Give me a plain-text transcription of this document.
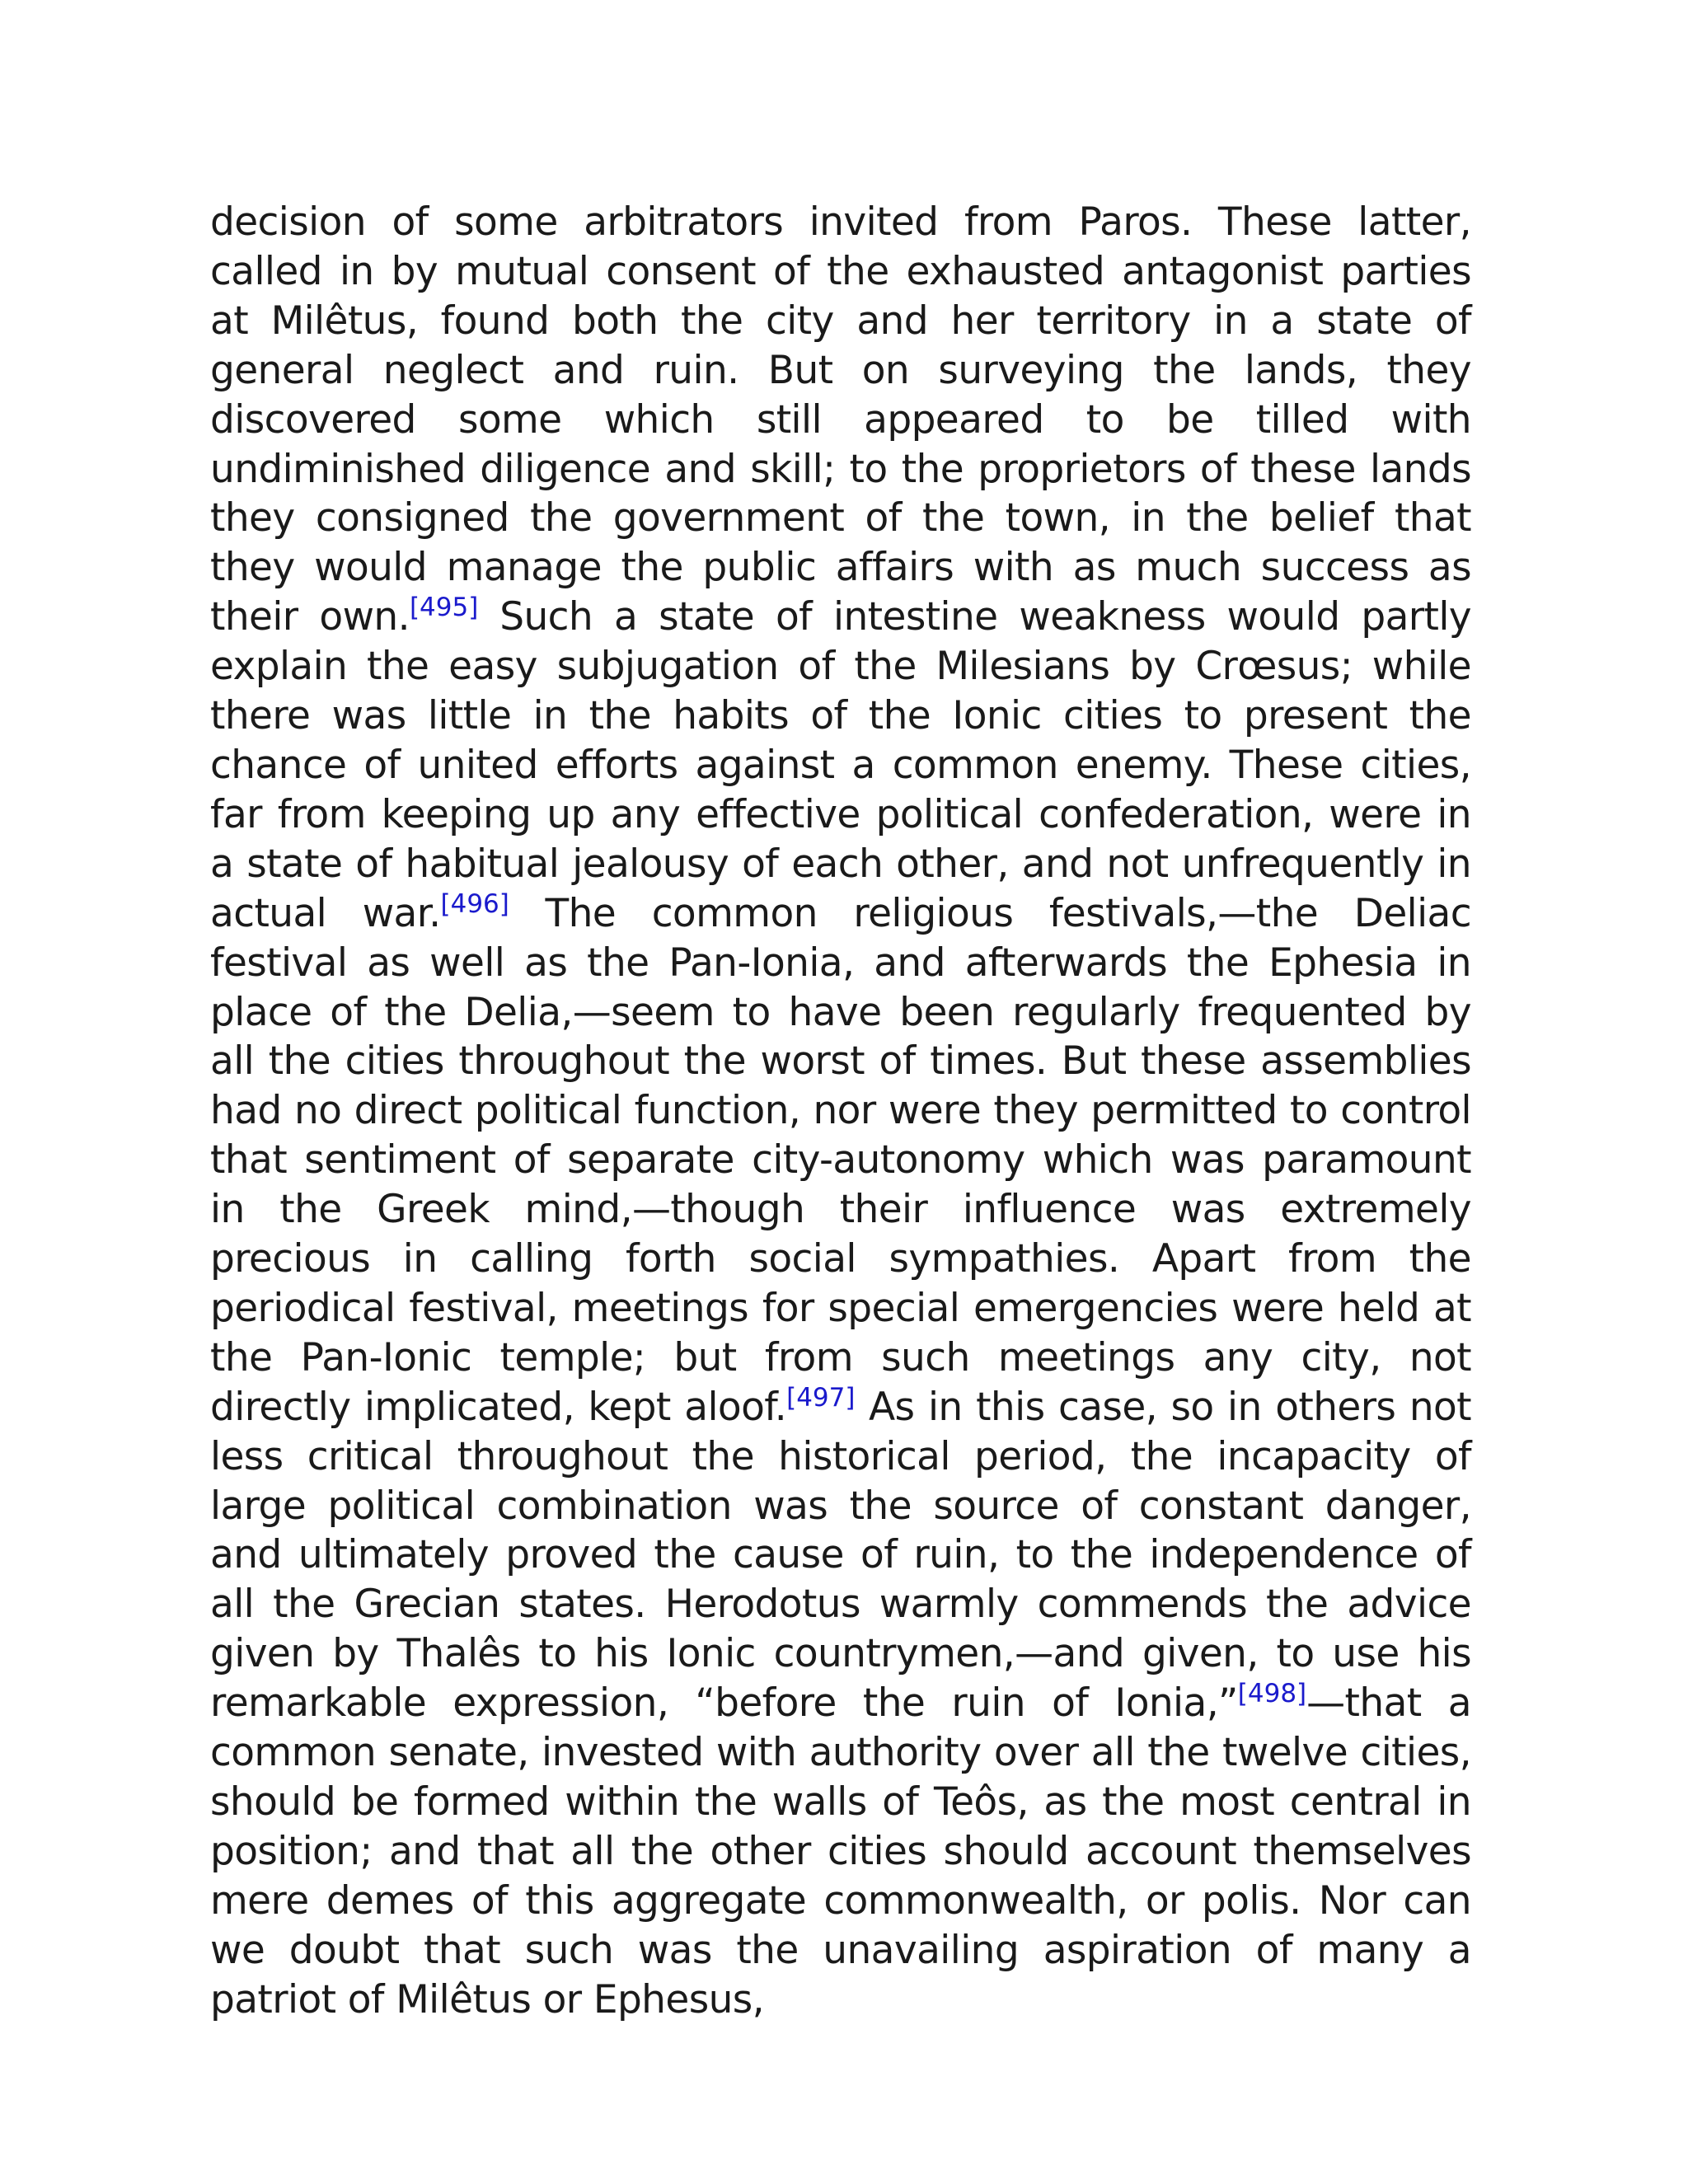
decision of some arbitrators invited from Paros. These latter, called in by mutual consent of the exhausted antagonist parties at Milêtus, found both the city and her territory in a state of general neglect and ruin. But on surveying the lands, they discovered some which still appeared to be tilled with undiminished diligence and skill; to the proprietors of these lands they consigned the government of the town, in the belief that they would manage the public affairs with as much success as their own.[495] Such a state of intestine weakness would partly explain the easy subjugation of the Milesians by Crœsus; while there was little in the habits of the Ionic cities to present the chance of united efforts against a common enemy. These cities, far from keeping up any effective political confederation, were in a state of habitual jealousy of each other, and not unfrequently in actual war.[496] The common religious festivals,—the Deliac festival as well as the Pan-Ionia, and afterwards the Ephesia in place of the Delia,—seem to have been regularly frequented by all the cities throughout the worst of times. But these assemblies had no direct political function, nor were they permitted to control that sentiment of separate city-autonomy which was paramount in the Greek mind,—though their influence was extremely precious in calling forth social sympathies. Apart from the periodical festival, meetings for special emergencies were held at the Pan-Ionic temple; but from such meetings any city, not directly implicated, kept aloof.[497] As in this case, so in others not less critical throughout the historical period, the incapacity of large political combination was the source of constant danger, and ultimately proved the cause of ruin, to the independence of all the Grecian states. Herodotus warmly commends the advice given by Thalês to his Ionic countrymen,—and given, to use his remarkable expression, “before the ruin of Ionia,”[498]—that a common senate, invested with authority over all the twelve cities, should be formed within the walls of Teôs, as the most central in position; and that all the other cities should account themselves mere demes of this aggregate commonwealth, or polis. Nor can we doubt that such was the unavailing aspiration of many a patriot of Milêtus or Ephesus,
